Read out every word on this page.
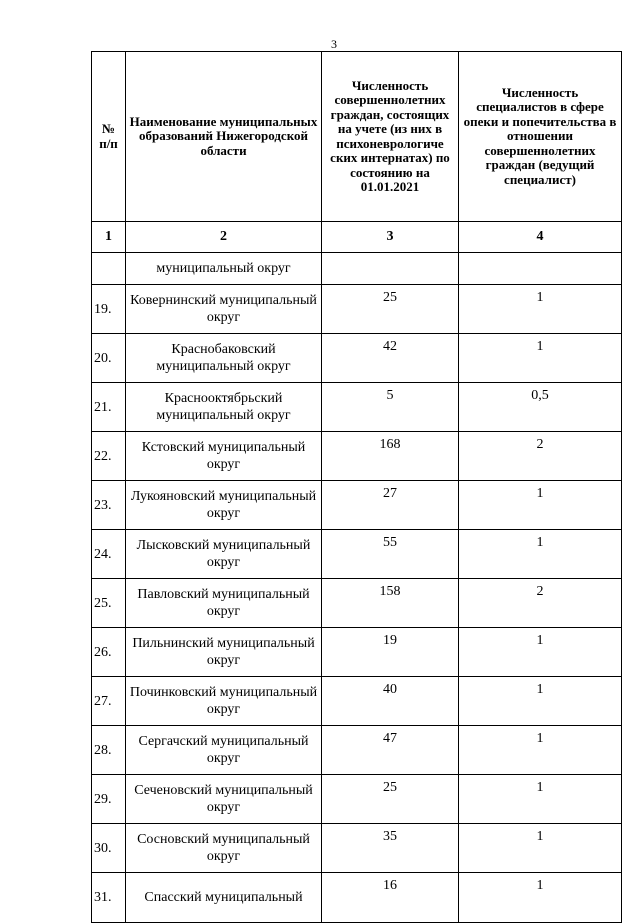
3
№ п/п	Наименование муниципальных образований Нижегородской области	Численность совершеннолетних граждан, состоящих на учете (из них в психоневрологиче ских интернатах) по состоянию на 01.01.2021	Численность специалистов в сфере опеки и попечительства в отношении совершеннолетних граждан (ведущий специалист)
1	2	3	4
	муниципальный округ		
19.	Ковернинский муниципальный округ	25	1
20.	Краснобаковский муниципальный округ	42	1
21.	Краснооктябрьский муниципальный округ	5	0,5
22.	Кстовский муниципальный округ	168	2
23.	Лукояновский муниципальный округ	27	1
24.	Лысковский муниципальный округ	55	1
25.	Павловский муниципальный округ	158	2
26.	Пильнинский муниципальный округ	19	1
27.	Починковский муниципальный округ	40	1
28.	Сергачский муниципальный округ	47	1
29.	Сеченовский муниципальный округ	25	1
30.	Сосновский муниципальный округ	35	1
31.	Спасский муниципальный	16	1
